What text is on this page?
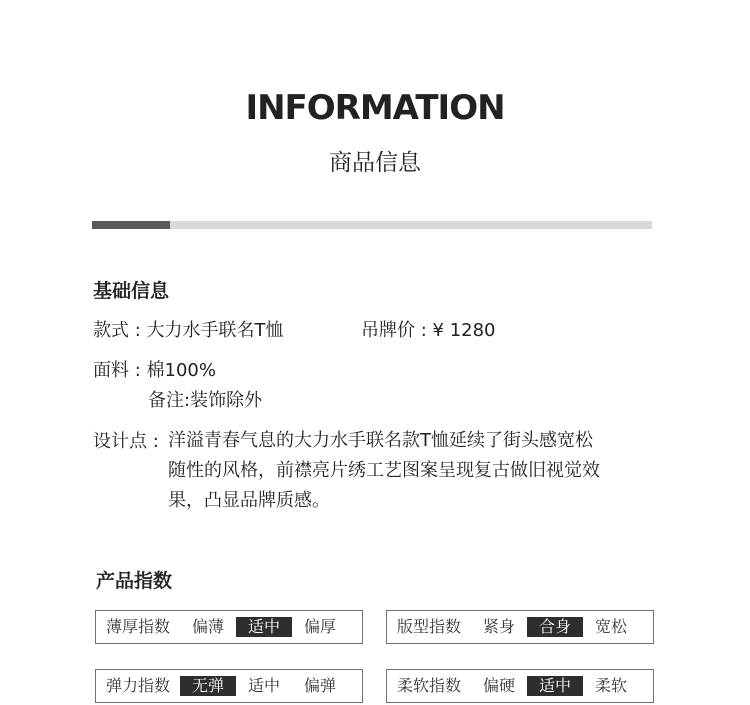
INFORMATION
商品信息
基础信息
款式 : 大力水手联名T恤	吊牌价 : ¥ 1280
面料 : 棉100%
备注:装饰除外
设计点 : 洋溢青春气息的大力水手联名款T恤延续了街头感宽松
随性的风格，前襟亮片绣工艺图案呈现复古做旧视觉效
果，凸显品牌质感。
产品指数
薄厚指数	偏薄	适中	偏厚	版型指数	紧身	合身	宽松
弹力指数	无弹	适中	偏弹	柔软指数	偏硬	适中	柔软
